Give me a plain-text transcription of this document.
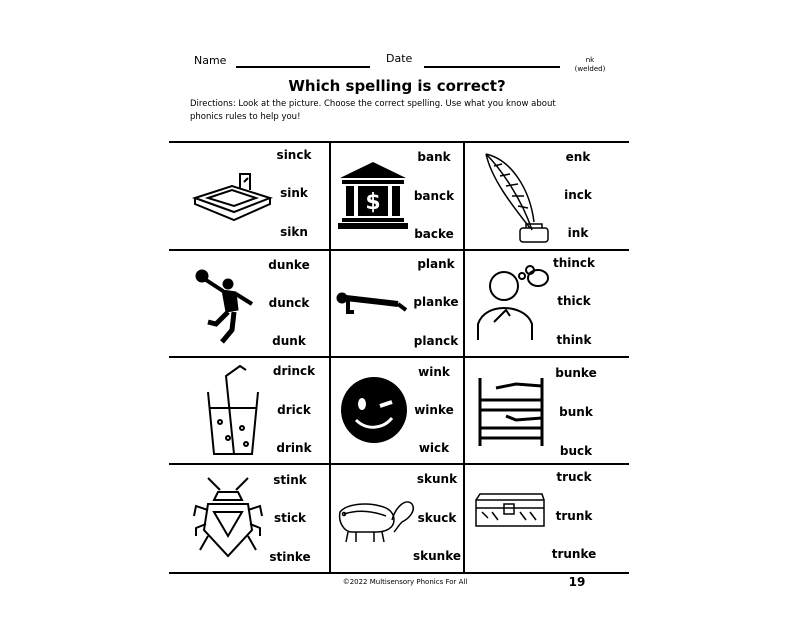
Name	Date	nk
(welded)
Which spelling is correct?
Directions: Look at the picture. Choose the correct spelling. Use what you know about
phonics rules to help you!
sinck
sink
sikn
$
bank
banck
backe
enk
inck
ink
dunke
dunck
dunk
plank
planke
planck
thinck
thick
think
drinck
drick
drink
wink
winke
wick
bunke
bunk
buck
stink
stick
stinke
skunk
skuck
skunke
truck
trunk
trunke
©2022 Multisensory Phonics For All	19
